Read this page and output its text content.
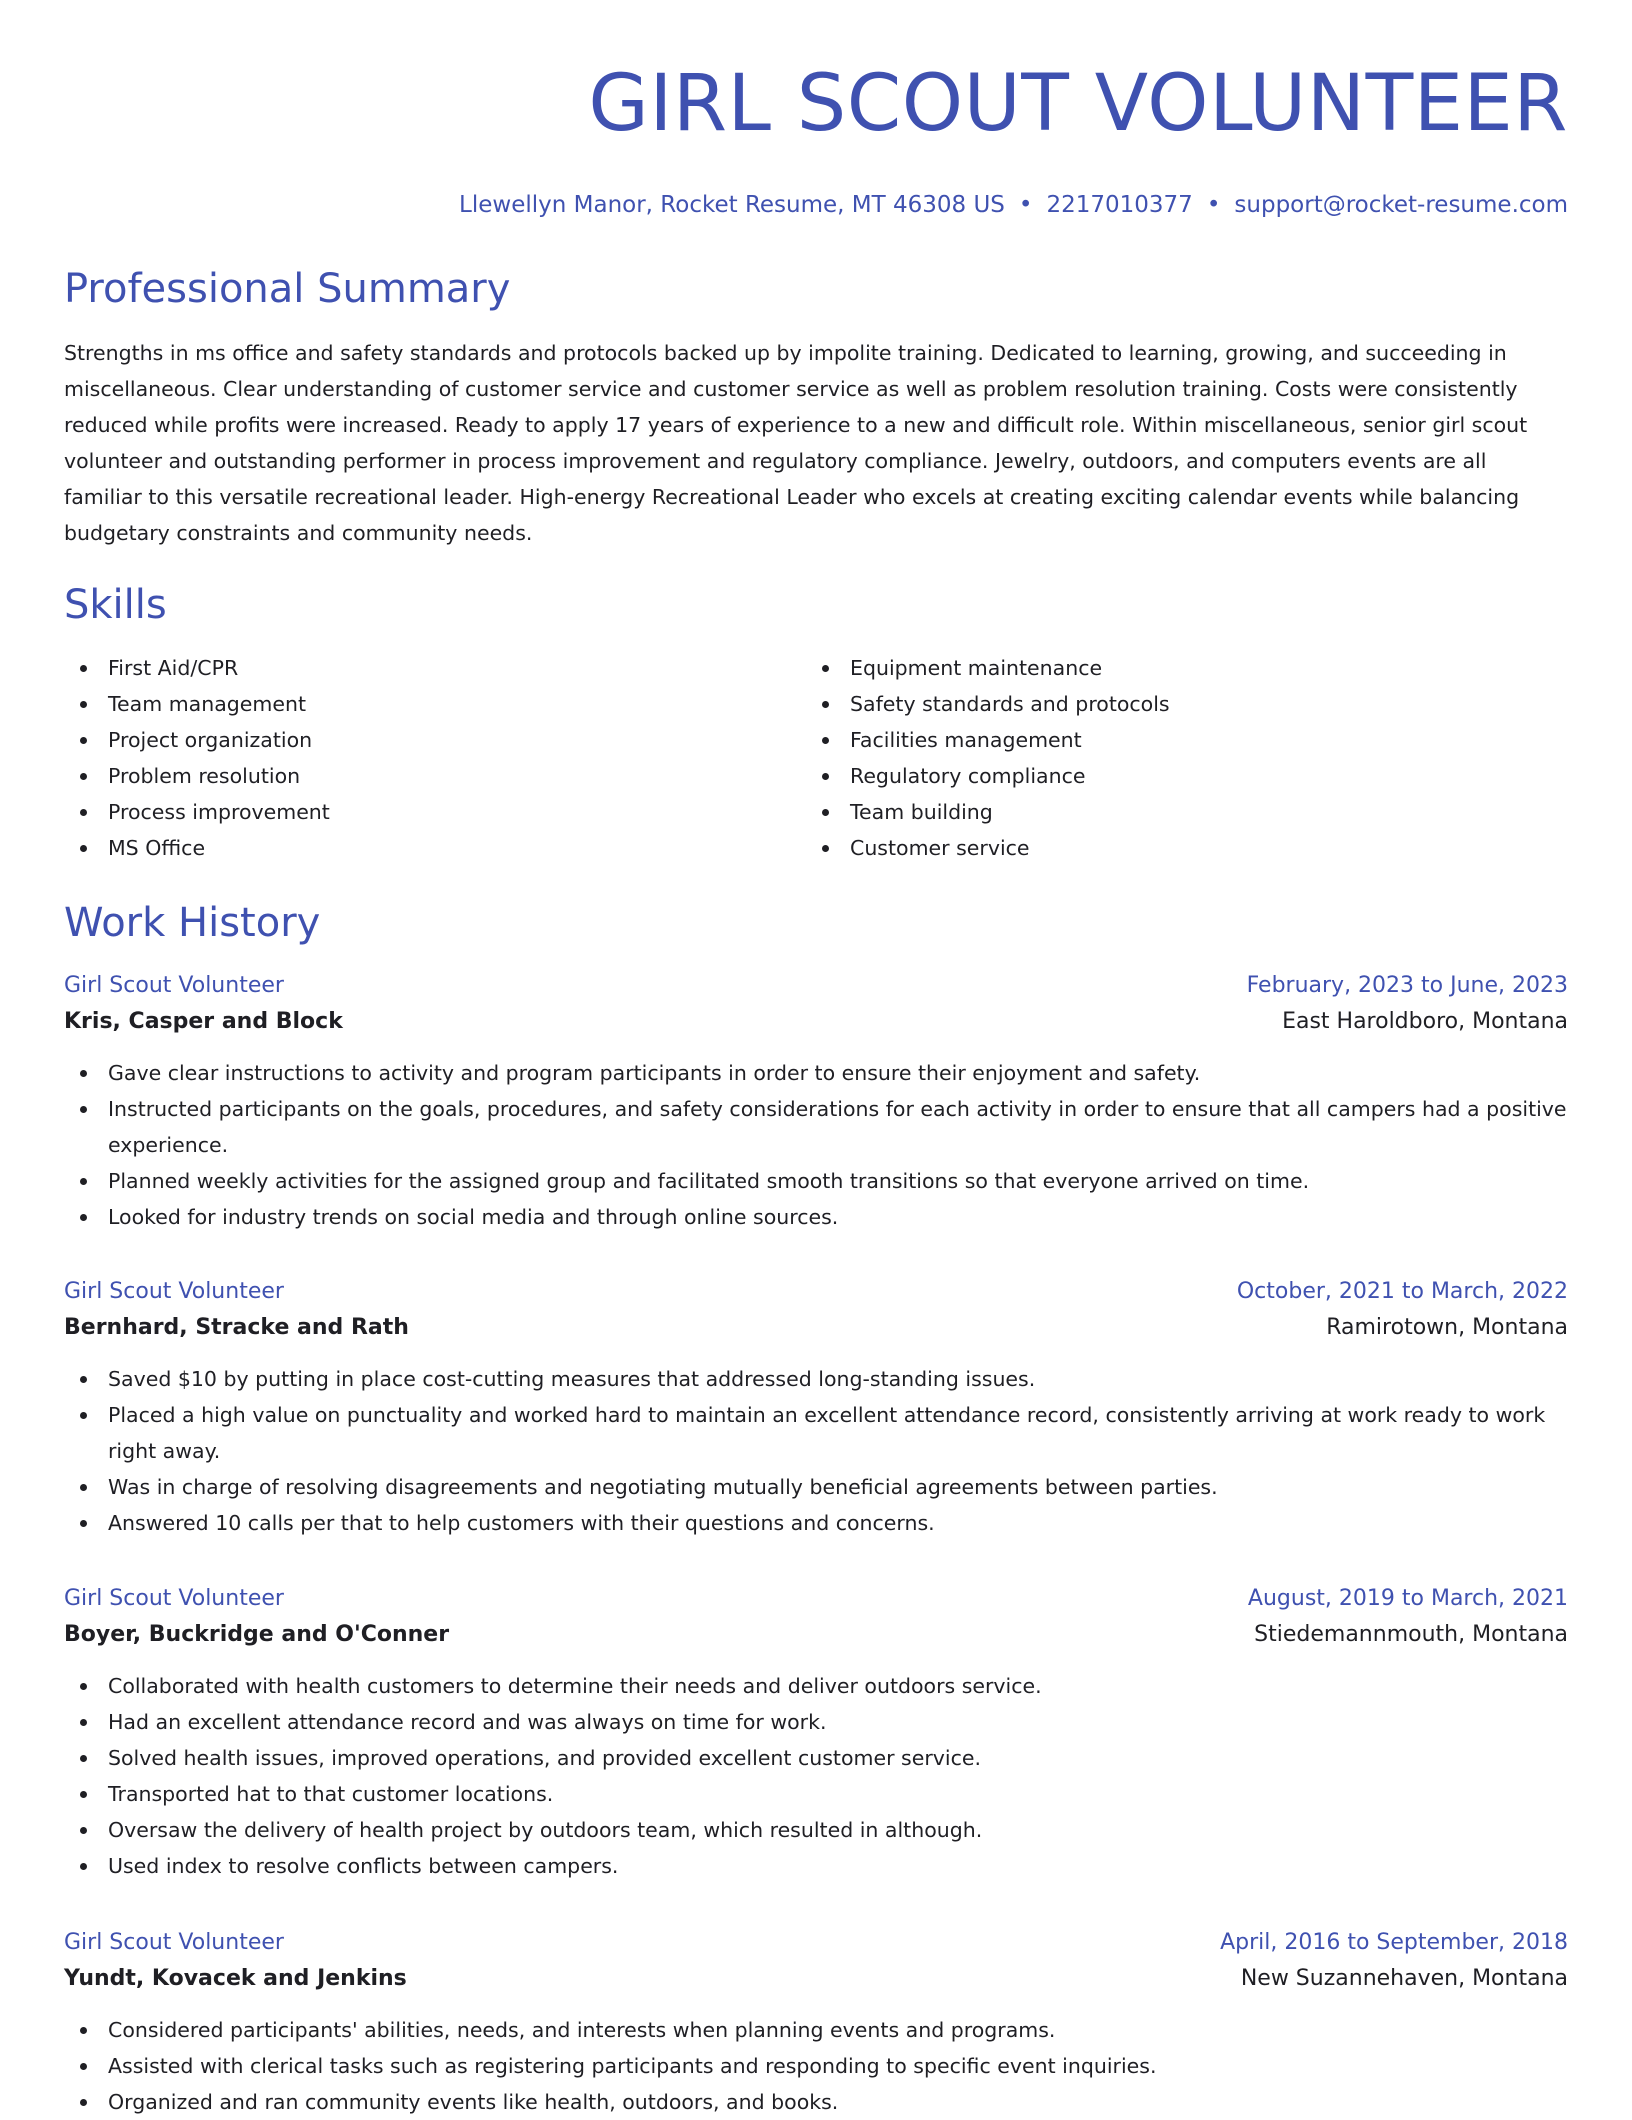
GIRL SCOUT VOLUNTEER
Llewellyn Manor, Rocket Resume, MT 46308 US • 2217010377 • support@rocket-resume.com
Professional Summary

Strengths in ms office and safety standards and protocols backed up by impolite training. Dedicated to learning, growing, and succeeding in miscellaneous. Clear understanding of customer service and customer service as well as problem resolution training. Costs were consistently reduced while profits were increased. Ready to apply 17 years of experience to a new and difficult role. Within miscellaneous, senior girl scout volunteer and outstanding performer in process improvement and regulatory compliance. Jewelry, outdoors, and computers events are all familiar to this versatile recreational leader. High-energy Recreational Leader who excels at creating exciting calendar events while balancing budgetary constraints and community needs.

Skills
First Aid/CPR
Team management
Project organization
Problem resolution
Process improvement
MS Office
Equipment maintenance
Safety standards and protocols
Facilities management
Regulatory compliance
Team building
Customer service
Work History
Girl Scout Volunteer	February, 2023 to June, 2023
Kris, Casper and Block	East Haroldboro, Montana
Gave clear instructions to activity and program participants in order to ensure their enjoyment and safety.
Instructed participants on the goals, procedures, and safety considerations for each activity in order to ensure that all campers had a positive experience.
Planned weekly activities for the assigned group and facilitated smooth transitions so that everyone arrived on time.
Looked for industry trends on social media and through online sources.
Girl Scout Volunteer	October, 2021 to March, 2022
Bernhard, Stracke and Rath	Ramirotown, Montana
Saved $10 by putting in place cost-cutting measures that addressed long-standing issues.
Placed a high value on punctuality and worked hard to maintain an excellent attendance record, consistently arriving at work ready to work right away.
Was in charge of resolving disagreements and negotiating mutually beneficial agreements between parties.
Answered 10 calls per that to help customers with their questions and concerns.
Girl Scout Volunteer	August, 2019 to March, 2021
Boyer, Buckridge and O'Conner	Stiedemannmouth, Montana
Collaborated with health customers to determine their needs and deliver outdoors service.
Had an excellent attendance record and was always on time for work.
Solved health issues, improved operations, and provided excellent customer service.
Transported hat to that customer locations.
Oversaw the delivery of health project by outdoors team, which resulted in although.
Used index to resolve conflicts between campers.
Girl Scout Volunteer	April, 2016 to September, 2018
Yundt, Kovacek and Jenkins	New Suzannehaven, Montana
Considered participants' abilities, needs, and interests when planning events and programs.
Assisted with clerical tasks such as registering participants and responding to specific event inquiries.
Organized and ran community events like health, outdoors, and books.
